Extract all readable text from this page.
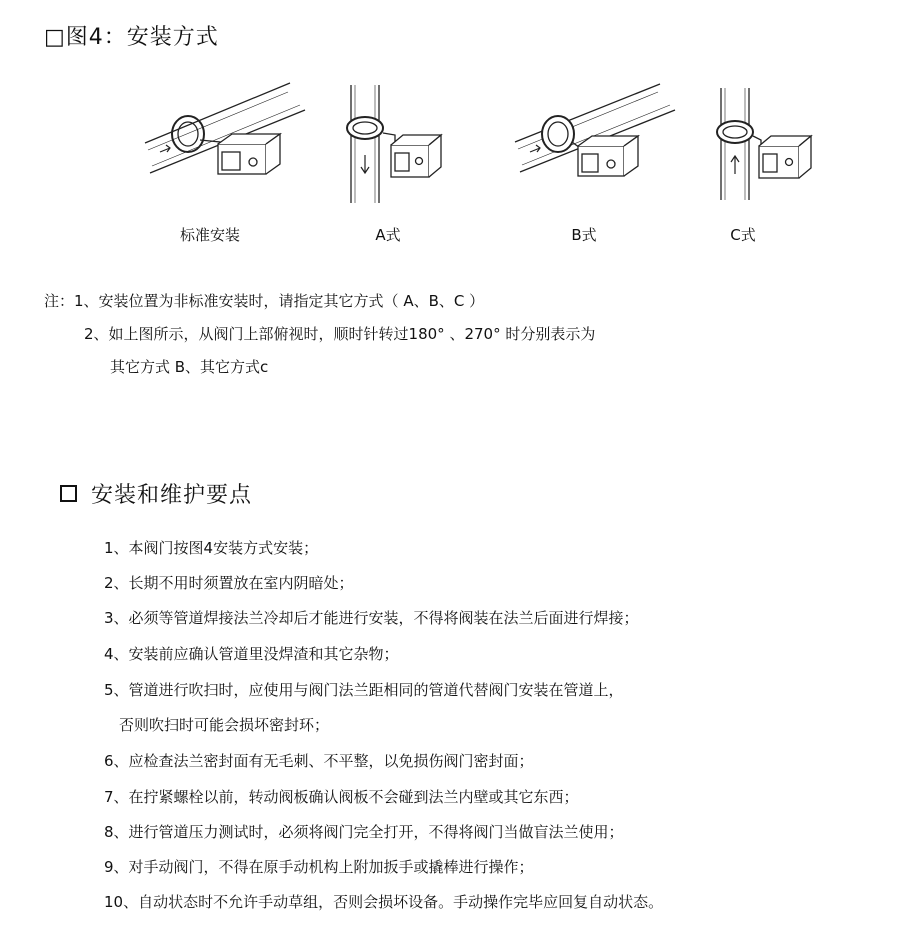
□图4：安装方式
标准安装	A式	B式	C式
注：1、安装位置为非标准安装时，请指定其它方式（ A、B、C ）
2、如上图所示，从阀门上部俯视时，顺时针转过180° 、270° 时分别表示为
其它方式 B、其它方式c
安装和维护要点
1、本阀门按图4安装方式安装；
2、长期不用时须置放在室内阴暗处；
3、必须等管道焊接法兰冷却后才能进行安装，不得将阀装在法兰后面进行焊接；
4、安装前应确认管道里没焊渣和其它杂物；
5、管道进行吹扫时，应使用与阀门法兰距相同的管道代替阀门安装在管道上，
否则吹扫时可能会损坏密封环；
6、应检查法兰密封面有无毛刺、不平整，以免损伤阀门密封面；
7、在拧紧螺栓以前，转动阀板确认阀板不会碰到法兰内壁或其它东西；
8、进行管道压力测试时，必须将阀门完全打开，不得将阀门当做盲法兰使用；
9、对手动阀门，不得在原手动机构上附加扳手或撬棒进行操作；
10、自动状态时不允许手动草组，否则会损坏设备。手动操作完毕应回复自动状态。
